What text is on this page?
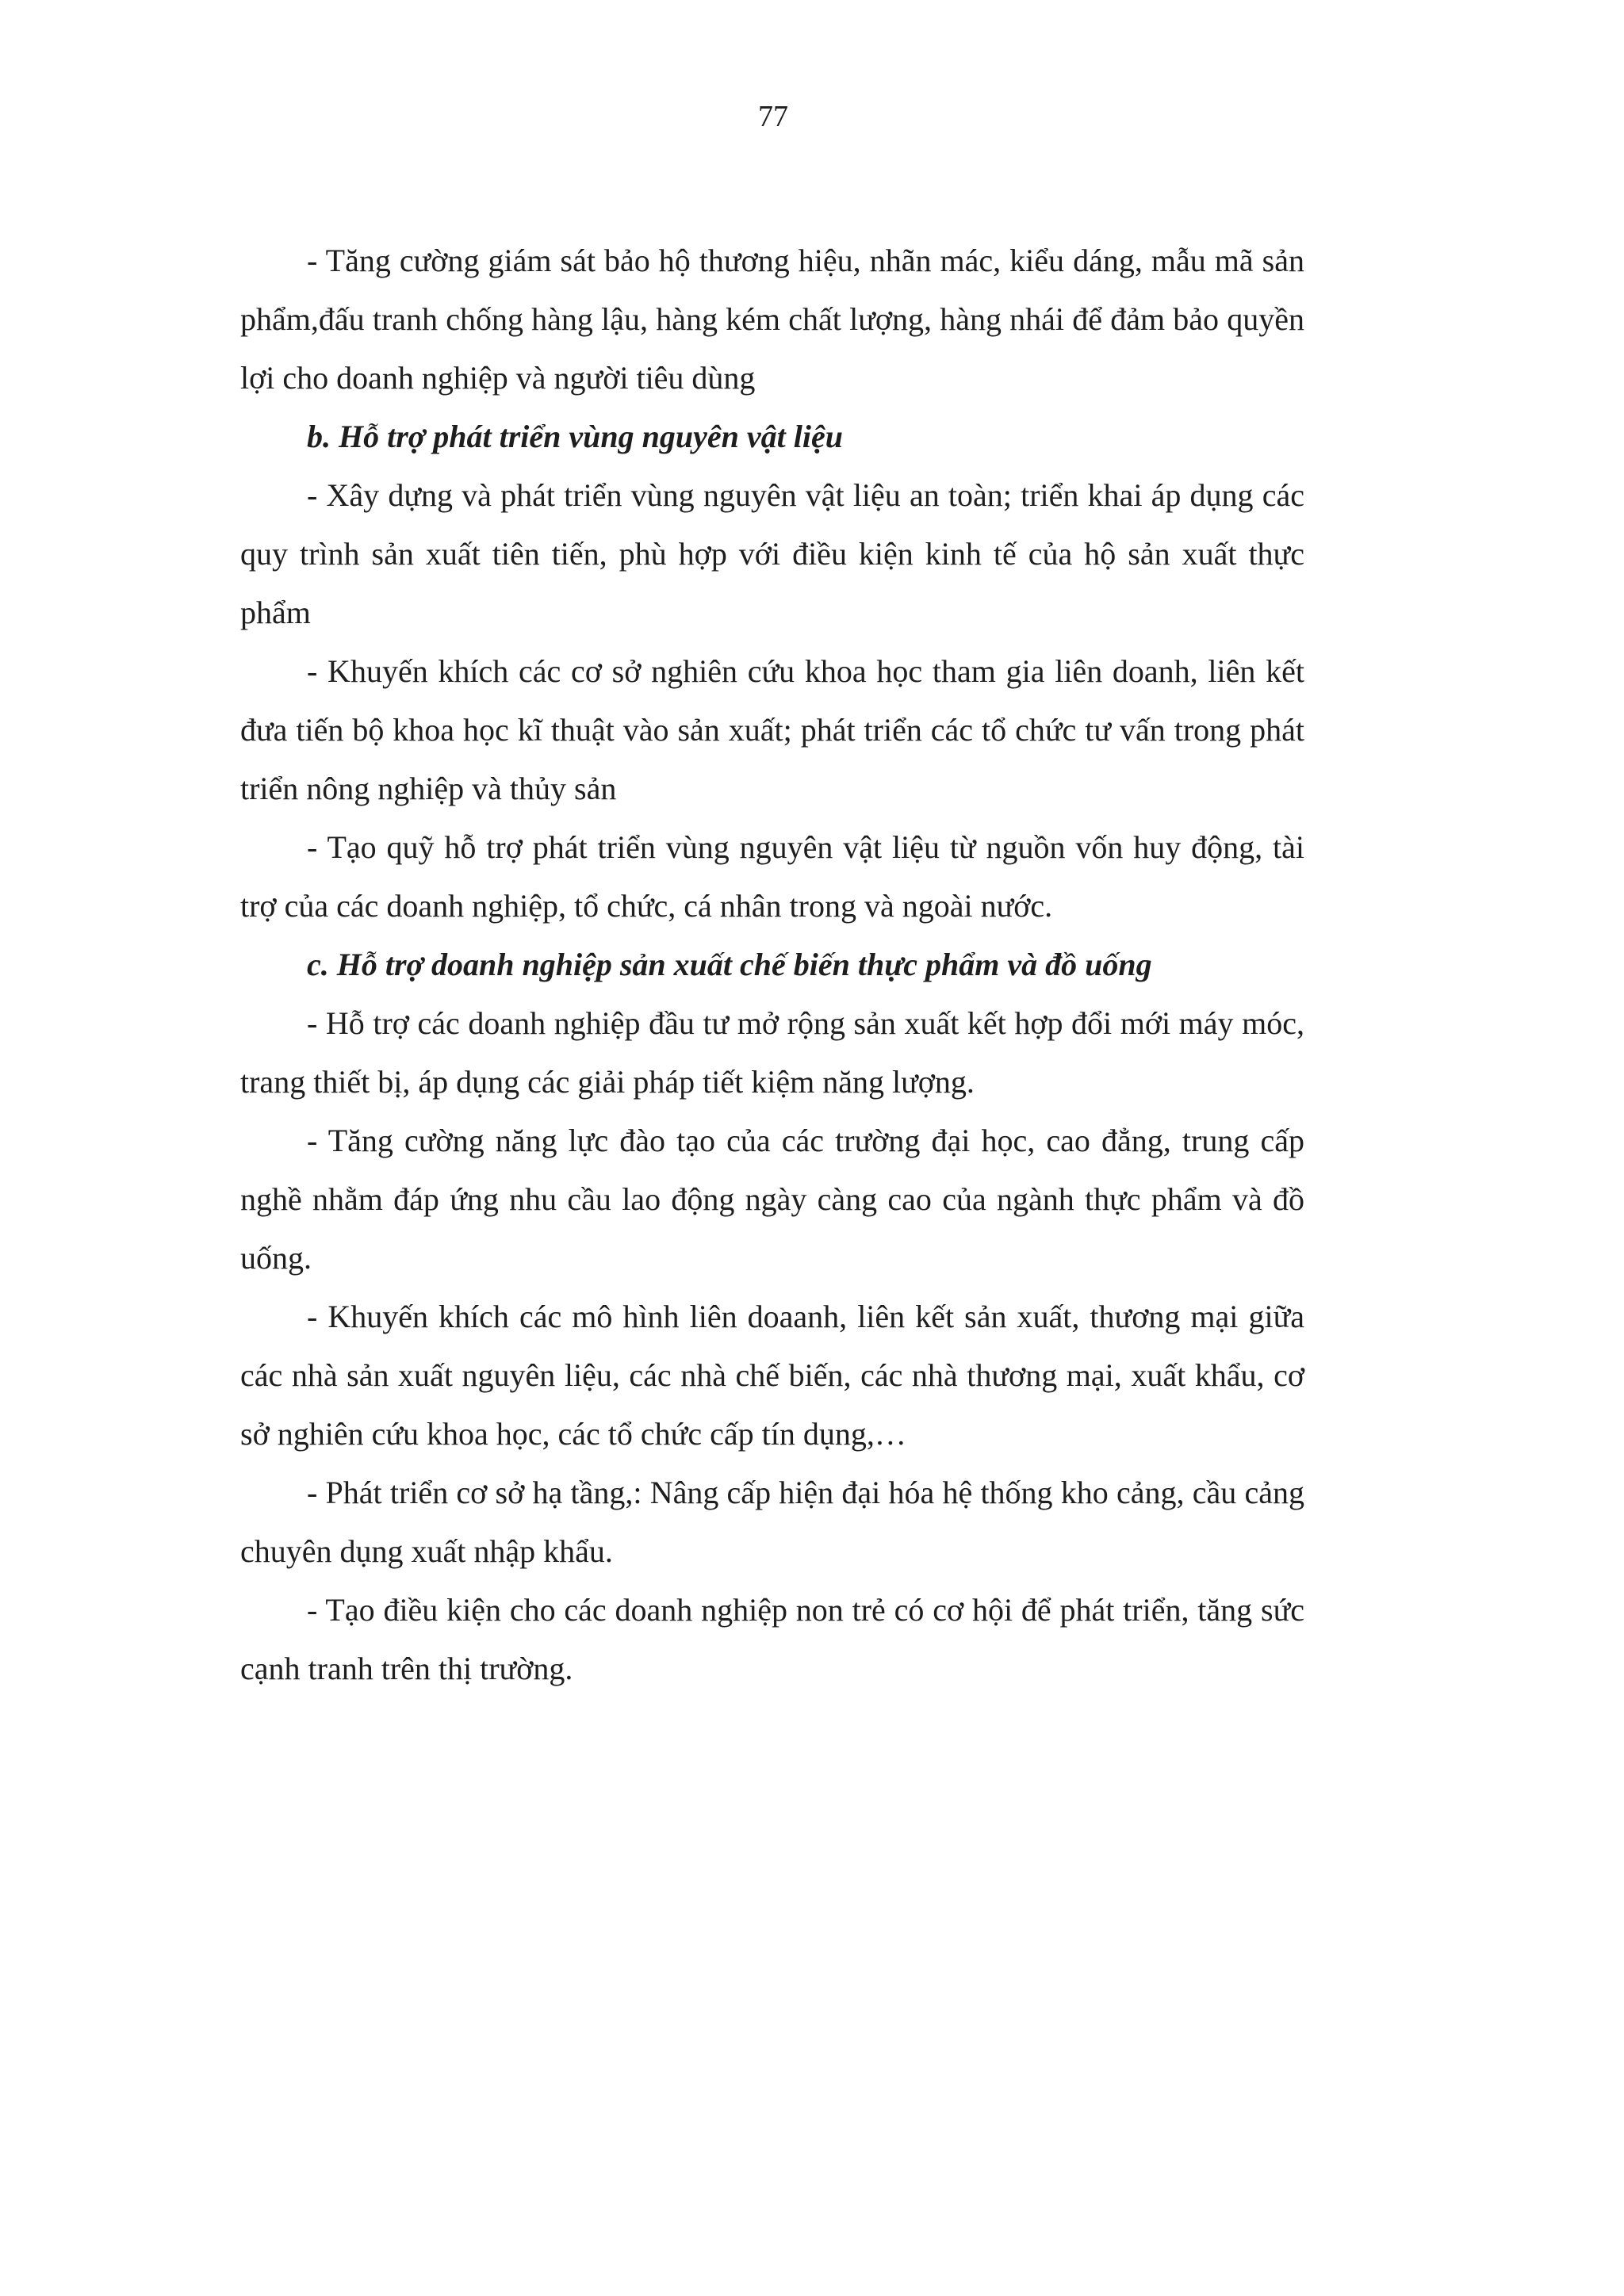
77

- Tăng cường giám sát bảo hộ thương hiệu, nhãn mác, kiểu dáng, mẫu mã sản phẩm,đấu tranh chống hàng lậu, hàng kém chất lượng, hàng nhái để đảm bảo quyền lợi cho doanh nghiệp và người tiêu dùng

b. Hỗ trợ phát triển vùng nguyên vật liệu

- Xây dựng và phát triển vùng nguyên vật liệu an toàn; triển khai áp dụng các quy trình sản xuất tiên tiến, phù hợp với điều kiện kinh tế của hộ sản xuất thực phẩm

- Khuyến khích các cơ sở nghiên cứu khoa học tham gia liên doanh, liên kết đưa tiến bộ khoa học kĩ thuật vào sản xuất; phát triển các tổ chức tư vấn trong phát triển nông nghiệp và thủy sản

- Tạo quỹ hỗ trợ phát triển vùng nguyên vật liệu từ nguồn vốn huy động, tài trợ của các doanh nghiệp, tổ chức, cá nhân trong và ngoài nước.

c. Hỗ trợ doanh nghiệp sản xuất chế biến thực phẩm và đồ uống

- Hỗ trợ các doanh nghiệp đầu tư mở rộng sản xuất kết hợp đổi mới máy móc, trang thiết bị, áp dụng các giải pháp tiết kiệm năng lượng.

- Tăng cường năng lực đào tạo của các trường đại học, cao đẳng, trung cấp nghề nhằm đáp ứng nhu cầu lao động ngày càng cao của ngành thực phẩm và đồ uống.

- Khuyến khích các mô hình liên doaanh, liên kết sản xuất, thương mại giữa các nhà sản xuất nguyên liệu, các nhà chế biến, các nhà thương mại, xuất khẩu, cơ sở nghiên cứu khoa học, các tổ chức cấp tín dụng,…

- Phát triển cơ sở hạ tầng,: Nâng cấp hiện đại hóa hệ thống kho cảng, cầu cảng chuyên dụng xuất nhập khẩu.

- Tạo điều kiện cho các doanh nghiệp non trẻ có cơ hội để phát triển, tăng sức cạnh tranh trên thị trường.
